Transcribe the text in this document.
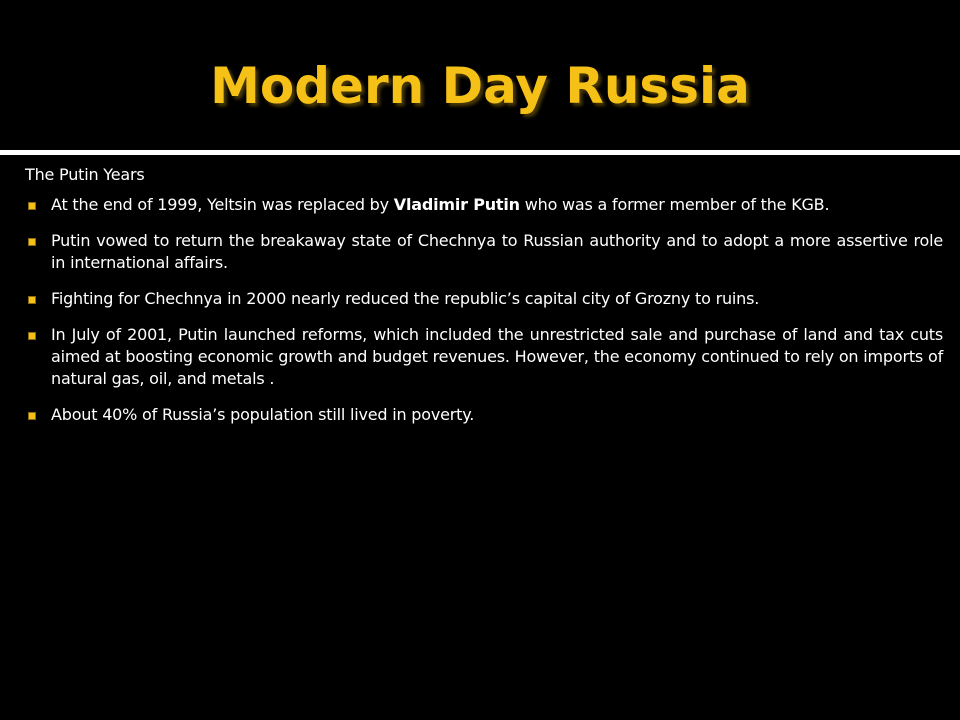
Modern Day Russia

The Putin Years

At the end of 1999, Yeltsin was replaced by Vladimir Putin who was a former member of the KGB.
Putin vowed to return the breakaway state of Chechnya to Russian authority and to adopt a more assertive role in international affairs.
Fighting for Chechnya in 2000 nearly reduced the republic’s capital city of Grozny to ruins.
In July of 2001, Putin launched reforms, which included the unrestricted sale and purchase of land and tax cuts aimed at boosting economic growth and budget revenues. However, the economy continued to rely on imports of natural gas, oil, and metals .
About 40% of Russia’s population still lived in poverty.
